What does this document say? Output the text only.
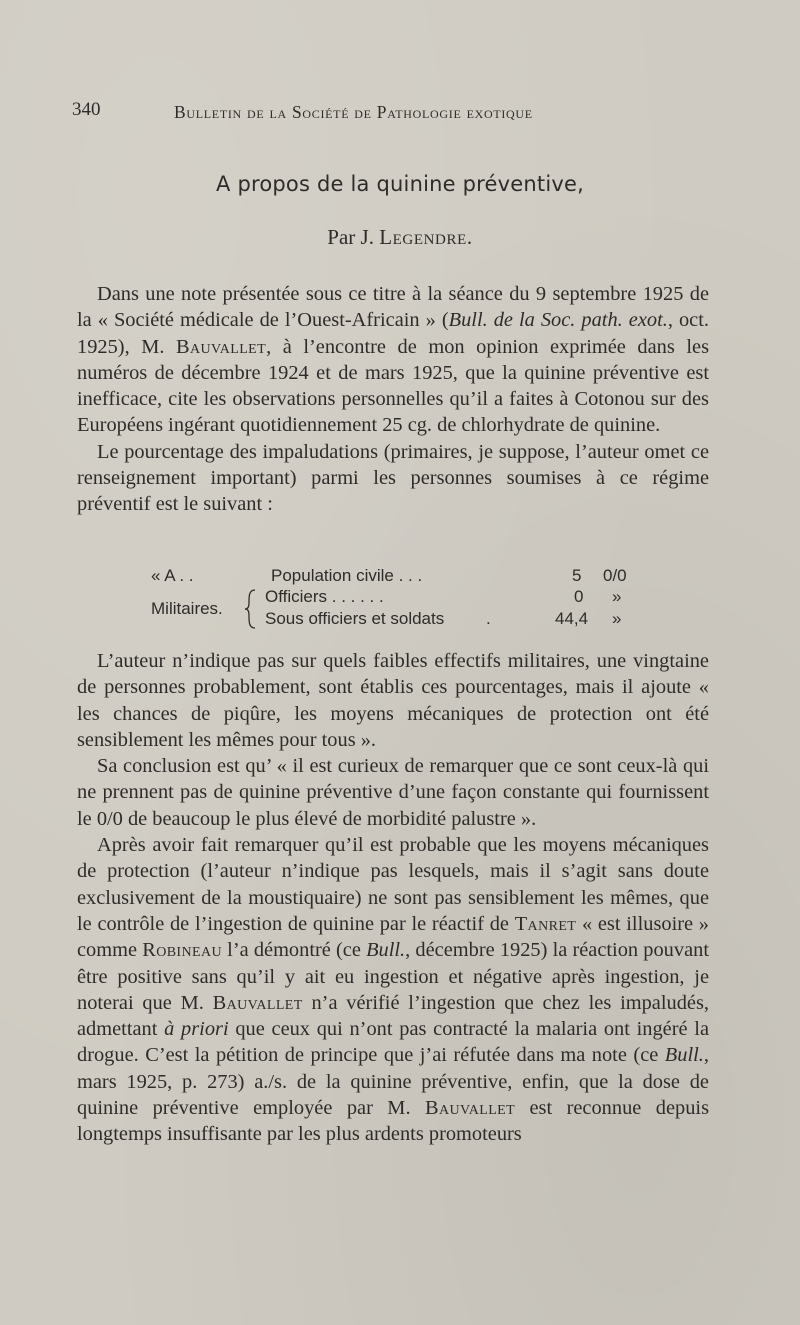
340	Bulletin de la Société de Pathologie exotique
A propos de la quinine préventive,
Par J. Legendre.

Dans une note présentée sous ce titre à la séance du 9 septembre 1925 de la « Société médicale de l’Ouest-Africain » (Bull. de la Soc. path. exot., oct. 1925), M. Bauvallet, à l’encontre de mon opinion exprimée dans les numéros de décembre 1924 et de mars 1925, que la quinine préventive est inefficace, cite les observations personnelles qu’il a faites à Cotonou sur des Européens ingérant quotidiennement 25 cg. de chlorhydrate de quinine.

Le pourcentage des impaludations (primaires, je suppose, l’auteur omet ce renseignement important) parmi les personnes soumises à ce régime préventif est le suivant :

« A . .	Population civile . . .	5 0/0
Militaires.
Officiers . . . . . .	0 »
Sous officiers et soldats .	44,4 »

L’auteur n’indique pas sur quels faibles effectifs militaires, une vingtaine de personnes probablement, sont établis ces pourcentages, mais il ajoute « les chances de piqûre, les moyens mécaniques de protection ont été sensiblement les mêmes pour tous ».

Sa conclusion est qu’ « il est curieux de remarquer que ce sont ceux-là qui ne prennent pas de quinine préventive d’une façon constante qui fournissent le 0/0 de beaucoup le plus élevé de morbidité palustre ».

Après avoir fait remarquer qu’il est probable que les moyens mécaniques de protection (l’auteur n’indique pas lesquels, mais il s’agit sans doute exclusivement de la moustiquaire) ne sont pas sensiblement les mêmes, que le contrôle de l’ingestion de quinine par le réactif de Tanret « est illusoire » comme Robineau l’a démontré (ce Bull., décembre 1925) la réaction pouvant être positive sans qu’il y ait eu ingestion et négative après ingestion, je noterai que M. Bauvallet n’a vérifié l’ingestion que chez les impaludés, admettant à priori que ceux qui n’ont pas contracté la malaria ont ingéré la drogue. C’est la pétition de principe que j’ai réfutée dans ma note (ce Bull., mars 1925, p. 273) a./s. de la quinine préventive, enfin, que la dose de quinine préventive employée par M. Bauvallet est reconnue depuis longtemps insuffisante par les plus ardents promoteurs
